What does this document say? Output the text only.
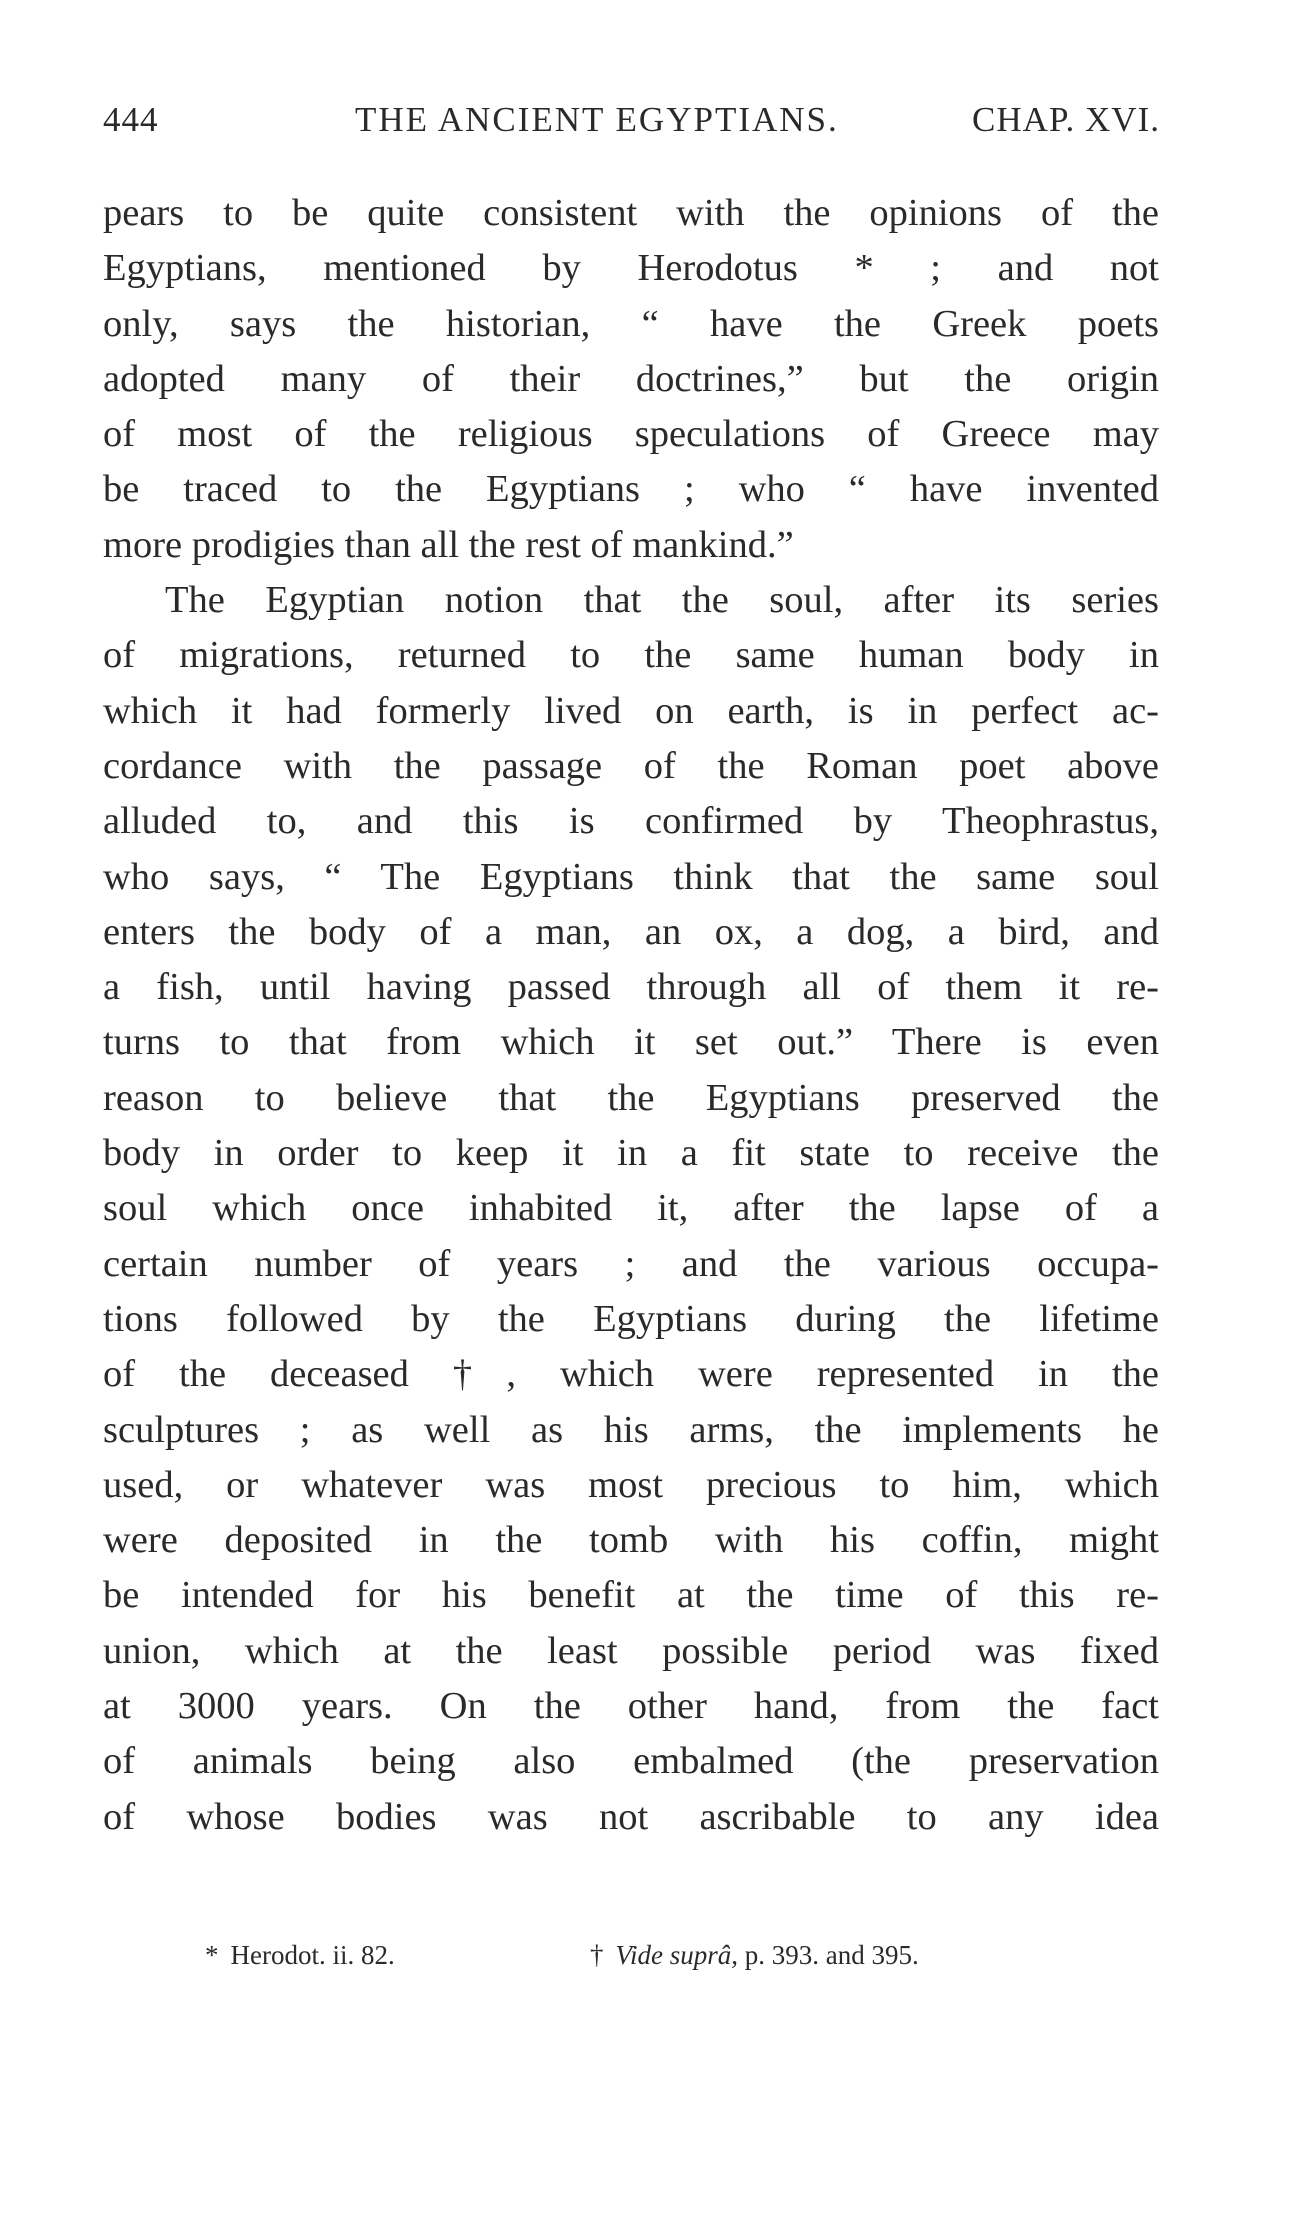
444	THE ANCIENT EGYPTIANS.	CHAP. XVI.
pears to be quite consistent with the opinions of the
Egyptians, mentioned by Herodotus * ; and not
only, says the historian, “ have the Greek poets
adopted many of their doctrines,” but the origin
of most of the religious speculations of Greece may
be traced to the Egyptians ; who “ have invented
more prodigies than all the rest of mankind.”
The Egyptian notion that the soul, after its series
of migrations, returned to the same human body in
which it had formerly lived on earth, is in perfect ac-
cordance with the passage of the Roman poet above
alluded to, and this is confirmed by Theophrastus,
who says, “ The Egyptians think that the same soul
enters the body of a man, an ox, a dog, a bird, and
a fish, until having passed through all of them it re-
turns to that from which it set out.” There is even
reason to believe that the Egyptians preserved the
body in order to keep it in a fit state to receive the
soul which once inhabited it, after the lapse of a
certain number of years ; and the various occupa-
tions followed by the Egyptians during the lifetime
of the deceased †, which were represented in the
sculptures ; as well as his arms, the implements he
used, or whatever was most precious to him, which
were deposited in the tomb with his coffin, might
be intended for his benefit at the time of this re-
union, which at the least possible period was fixed
at 3000 years. On the other hand, from the fact
of animals being also embalmed (the preservation
of whose bodies was not ascribable to any idea
* Herodot. ii. 82.	† Vide suprâ, p. 393. and 395.
